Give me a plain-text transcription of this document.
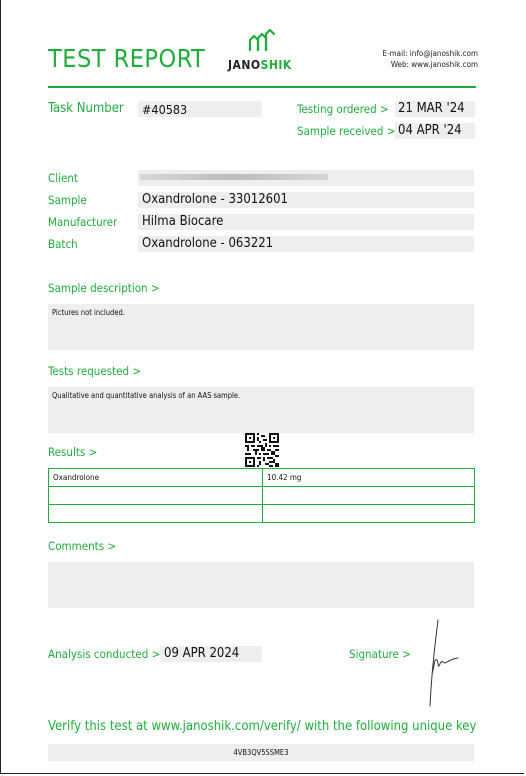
TEST REPORT JANOSHIK
E-mail: info@janoshik.com
Web: www.janoshik.com
Task Number #40583	Testing ordered > 21 MAR '24
Sample received > 04 APR '24
Client
Sample	Oxandrolone - 33012601
Manufacturer Hilma Biocare
Batch	Oxandrolone - 063221
Sample description >
Pictures not included.
Tests requested >
Qualitative and quantitative analysis of an AAS sample.
Results >
Oxandrolone	10.42 mg

Comments >
Analysis conducted > 09 APR 2024	Signature >
Verify this test at www.janoshik.com/verify/ with the following unique key
4VB3QV5SSME3
